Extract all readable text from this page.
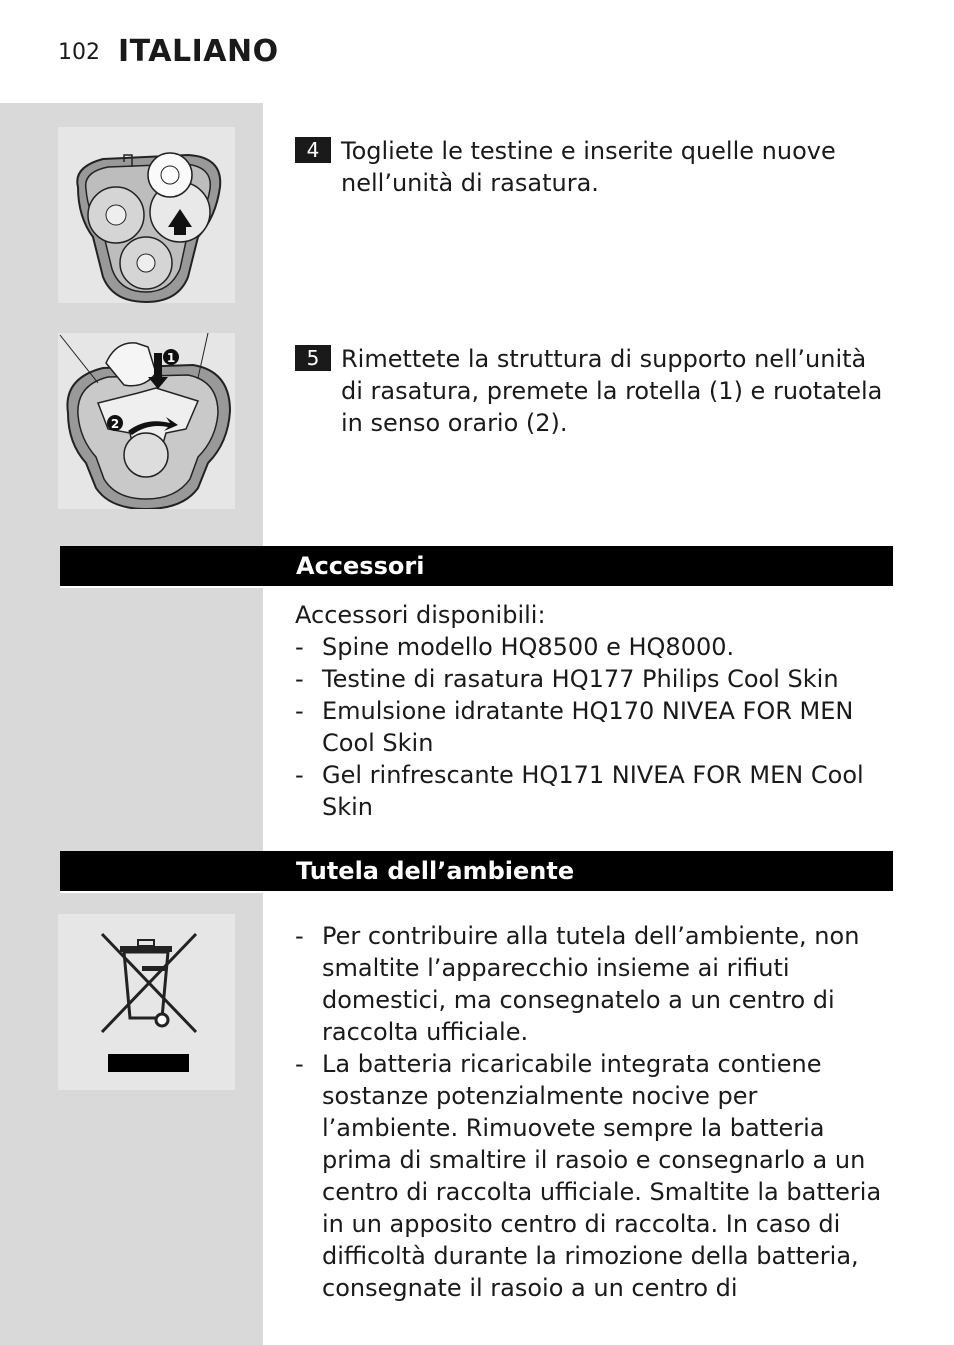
102 ITALIANO
4 Togliete le testine e inserite quelle nuove nell’unità di rasatura.
1
2
5 Rimettete la struttura di supporto nell’unità di rasatura, premete la rotella (1) e ruotatela in senso orario (2).
Accessori

Accessori disponibili:

- Spine modello HQ8500 e HQ8000.
- Testine di rasatura HQ177 Philips Cool Skin
- Emulsione idratante HQ170 NIVEA FOR MEN Cool Skin
- Gel rinfrescante HQ171 NIVEA FOR MEN Cool Skin
Tutela dell’ambiente
- Per contribuire alla tutela dell’ambiente, non smaltite l’apparecchio insieme ai rifiuti domestici, ma consegnatelo a un centro di raccolta ufficiale.
- La batteria ricaricabile integrata contiene sostanze potenzialmente nocive per l’ambiente. Rimuovete sempre la batteria prima di smaltire il rasoio e consegnarlo a un centro di raccolta ufficiale. Smaltite la batteria in un apposito centro di raccolta. In caso di difficoltà durante la rimozione della batteria, consegnate il rasoio a un centro di
